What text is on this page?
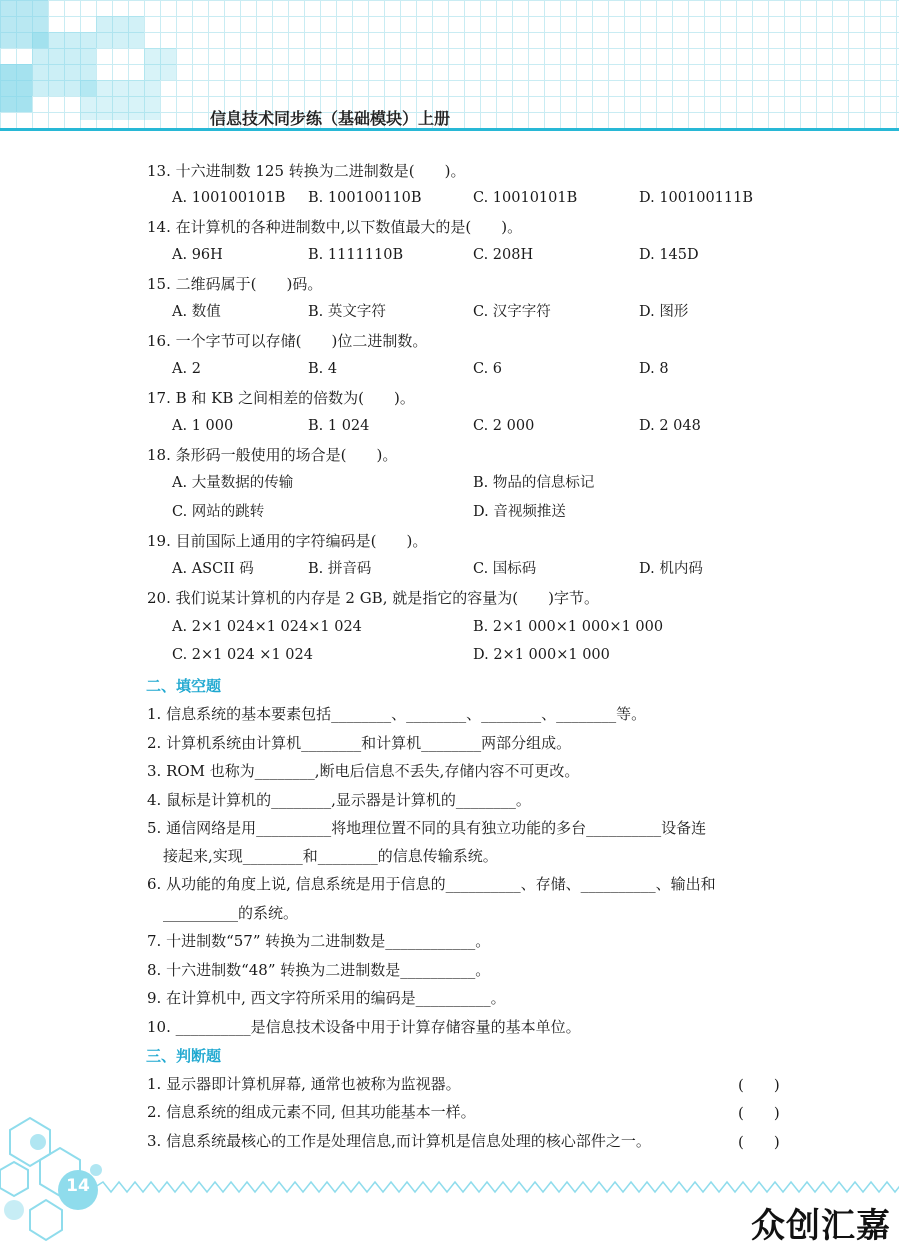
信息技术同步练（基础模块）上册
13. 十六进制数 125 转换为二进制数是(　　)。
A. 100100101B B. 100100110B	C. 10010101B	D. 100100111B
14. 在计算机的各种进制数中,以下数值最大的是(　　)。
A. 96H	B. 1111110B	C. 208H	D. 145D
15. 二维码属于(　　)码。
A. 数值	B. 英文字符	C. 汉字字符	D. 图形
16. 一个字节可以存储(　　)位二进制数。
A. 2	B. 4	C. 6	D. 8
17. B 和 KB 之间相差的倍数为(　　)。
A. 1 000	B. 1 024	C. 2 000	D. 2 048
18. 条形码一般使用的场合是(　　)。
A. 大量数据的传输	B. 物品的信息标记
C. 网站的跳转	D. 音视频推送
19. 目前国际上通用的字符编码是(　　)。
A. ASCII 码	B. 拼音码	C. 国标码	D. 机内码
20. 我们说某计算机的内存是 2 GB, 就是指它的容量为(　　)字节。
A. 2×1 024×1 024×1 024	B. 2×1 000×1 000×1 000
C. 2×1 024 ×1 024	D. 2×1 000×1 000
二、填空题
1. 信息系统的基本要素包括________、________、________、________等。
2. 计算机系统由计算机________和计算机________两部分组成。
3. ROM 也称为________,断电后信息不丢失,存储内容不可更改。
4. 鼠标是计算机的________,显示器是计算机的________。
5. 通信网络是用__________将地理位置不同的具有独立功能的多台__________设备连
接起来,实现________和________的信息传输系统。
6. 从功能的角度上说, 信息系统是用于信息的__________、存储、__________、输出和
__________的系统。
7. 十进制数“57” 转换为二进制数是____________。
8. 十六进制数“48” 转换为二进制数是__________。
9. 在计算机中, 西文字符所采用的编码是__________。
10. __________是信息技术设备中用于计算存储容量的基本单位。
三、判断题
1. 显示器即计算机屏幕, 通常也被称为监视器。	(　　)
2. 信息系统的组成元素不同, 但其功能基本一样。	(　　)
3. 信息系统最核心的工作是处理信息,而计算机是信息处理的核心部件之一。	(　　)
14
众创汇嘉
